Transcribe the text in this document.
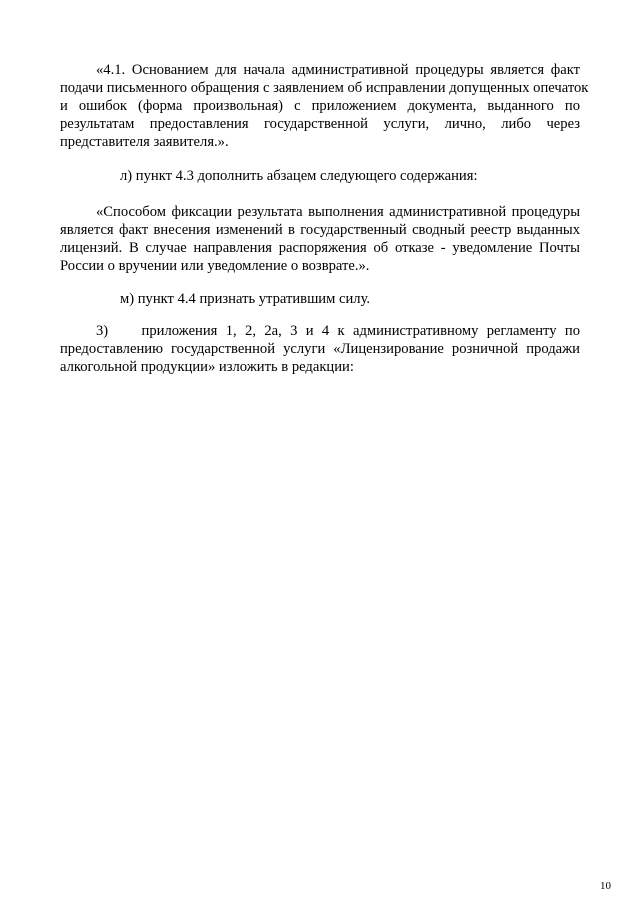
«4.1. Основанием для начала административной процедуры является факт
подачи письменного обращения с заявлением об исправлении допущенных опечаток
и ошибок (форма произвольная) с приложением документа, выданного по
результатам предоставления государственной услуги, лично, либо через
представителя заявителя.».
л) пункт 4.3 дополнить абзацем следующего содержания:
«Способом фиксации результата выполнения административной процедуры
является факт внесения изменений в государственный сводный реестр выданных
лицензий. В случае направления распоряжения об отказе - уведомление Почты
России о вручении или уведомление о возврате.».
м) пункт 4.4 признать утратившим силу.
3)    приложения 1, 2, 2а, 3 и 4 к административному регламенту по
предоставлению государственной услуги «Лицензирование розничной продажи
алкогольной продукции» изложить в редакции:
10
